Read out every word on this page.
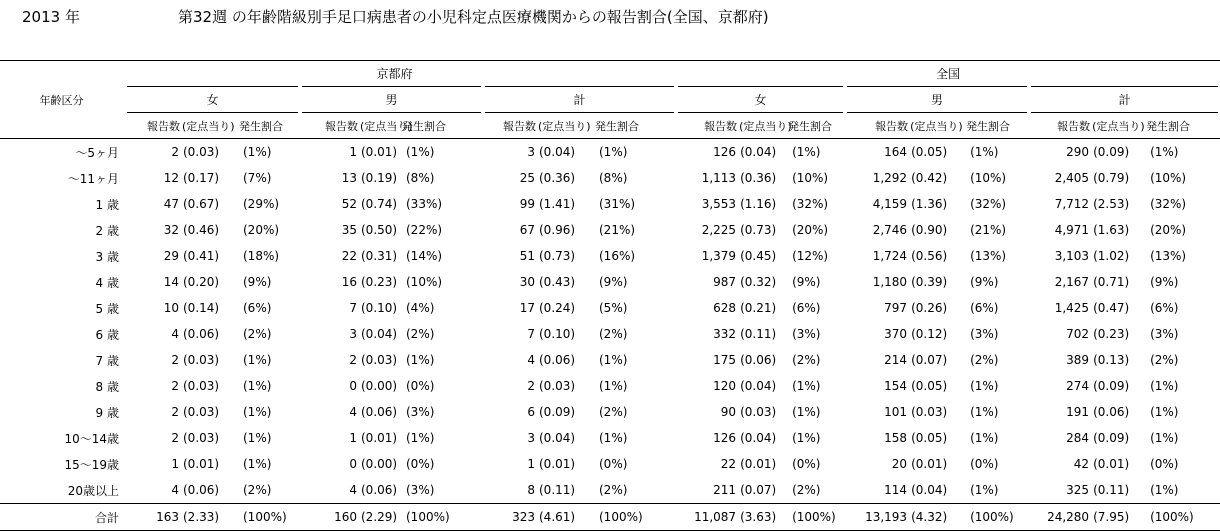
2013 年	第32週 の年齢階級別手足口病患者の小児科定点医療機関からの報告割合(全国、京都府)
年齢区分	京都府									全国								
	女			男			計			女			男			計		
	報告数	(定点当り)	発生割合	報告数	(定点当り)	発生割合	報告数	(定点当り)	発生割合	報告数	(定点当り)	発生割合	報告数	(定点当り)	発生割合	報告数	(定点当り)	発生割合
～5ヶ月	2	(0.03)	(1%)	1	(0.01)	(1%)	3	(0.04)	(1%)	126	(0.04)	(1%)	164	(0.05)	(1%)	290	(0.09)	(1%)
～11ヶ月	12	(0.17)	(7%)	13	(0.19)	(8%)	25	(0.36)	(8%)	1,113	(0.36)	(10%)	1,292	(0.42)	(10%)	2,405	(0.79)	(10%)
1 歳	47	(0.67)	(29%)	52	(0.74)	(33%)	99	(1.41)	(31%)	3,553	(1.16)	(32%)	4,159	(1.36)	(32%)	7,712	(2.53)	(32%)
2 歳	32	(0.46)	(20%)	35	(0.50)	(22%)	67	(0.96)	(21%)	2,225	(0.73)	(20%)	2,746	(0.90)	(21%)	4,971	(1.63)	(20%)
3 歳	29	(0.41)	(18%)	22	(0.31)	(14%)	51	(0.73)	(16%)	1,379	(0.45)	(12%)	1,724	(0.56)	(13%)	3,103	(1.02)	(13%)
4 歳	14	(0.20)	(9%)	16	(0.23)	(10%)	30	(0.43)	(9%)	987	(0.32)	(9%)	1,180	(0.39)	(9%)	2,167	(0.71)	(9%)
5 歳	10	(0.14)	(6%)	7	(0.10)	(4%)	17	(0.24)	(5%)	628	(0.21)	(6%)	797	(0.26)	(6%)	1,425	(0.47)	(6%)
6 歳	4	(0.06)	(2%)	3	(0.04)	(2%)	7	(0.10)	(2%)	332	(0.11)	(3%)	370	(0.12)	(3%)	702	(0.23)	(3%)
7 歳	2	(0.03)	(1%)	2	(0.03)	(1%)	4	(0.06)	(1%)	175	(0.06)	(2%)	214	(0.07)	(2%)	389	(0.13)	(2%)
8 歳	2	(0.03)	(1%)	0	(0.00)	(0%)	2	(0.03)	(1%)	120	(0.04)	(1%)	154	(0.05)	(1%)	274	(0.09)	(1%)
9 歳	2	(0.03)	(1%)	4	(0.06)	(3%)	6	(0.09)	(2%)	90	(0.03)	(1%)	101	(0.03)	(1%)	191	(0.06)	(1%)
10～14歳	2	(0.03)	(1%)	1	(0.01)	(1%)	3	(0.04)	(1%)	126	(0.04)	(1%)	158	(0.05)	(1%)	284	(0.09)	(1%)
15～19歳	1	(0.01)	(1%)	0	(0.00)	(0%)	1	(0.01)	(0%)	22	(0.01)	(0%)	20	(0.01)	(0%)	42	(0.01)	(0%)
20歳以上	4	(0.06)	(2%)	4	(0.06)	(3%)	8	(0.11)	(2%)	211	(0.07)	(2%)	114	(0.04)	(1%)	325	(0.11)	(1%)
合計	163	(2.33)	(100%)	160	(2.29)	(100%)	323	(4.61)	(100%)	11,087	(3.63)	(100%)	13,193	(4.32)	(100%)	24,280	(7.95)	(100%)
